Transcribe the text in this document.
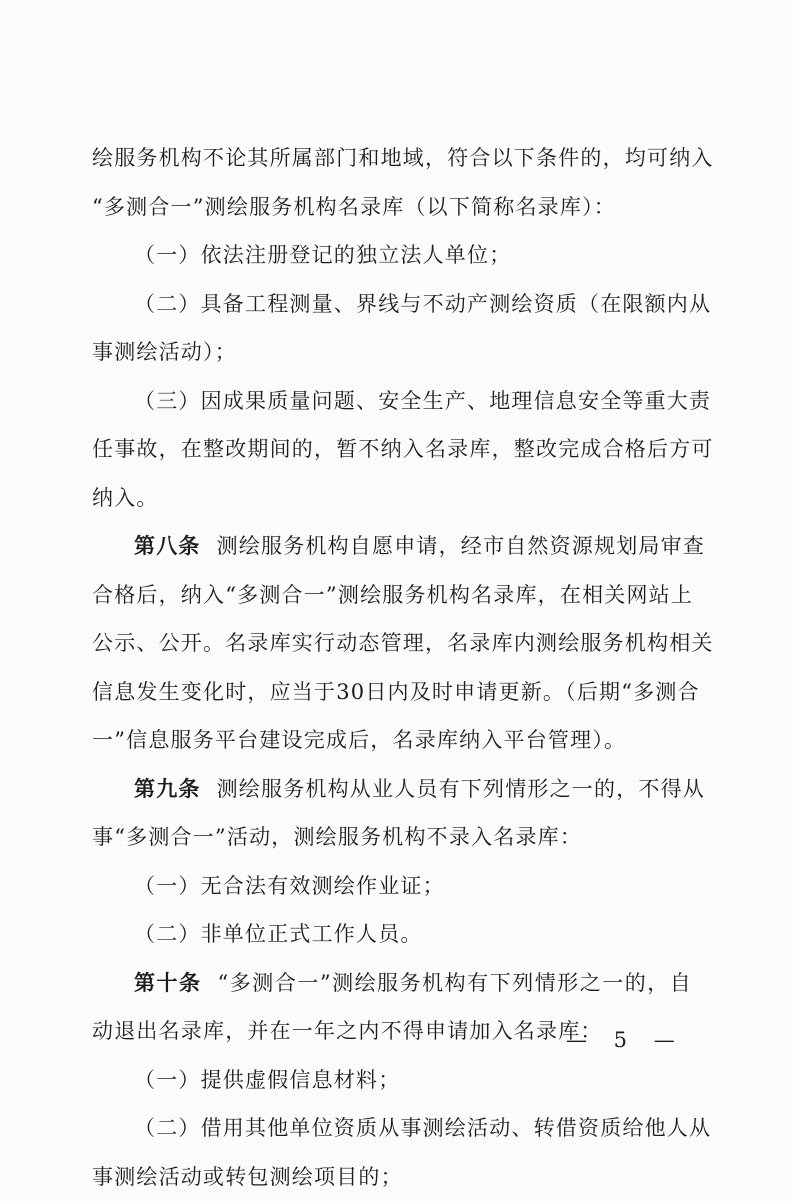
绘服务机构不论其所属部门和地域，符合以下条件的，均可纳入
“多测合一”测绘服务机构名录库（以下简称名录库）：
（一）依法注册登记的独立法人单位；
（二）具备工程测量、界线与不动产测绘资质（在限额内从
事测绘活动）；
（三）因成果质量问题、安全生产、地理信息安全等重大责
任事故，在整改期间的，暂不纳入名录库，整改完成合格后方可
纳入。
第八条 测绘服务机构自愿申请，经市自然资源规划局审查
合格后，纳入“多测合一”测绘服务机构名录库，在相关网站上
公示、公开。名录库实行动态管理，名录库内测绘服务机构相关
信息发生变化时，应当于30日内及时申请更新。（后期“多测合
一”信息服务平台建设完成后，名录库纳入平台管理）。
第九条 测绘服务机构从业人员有下列情形之一的，不得从
事“多测合一”活动，测绘服务机构不录入名录库：
（一）无合法有效测绘作业证；
（二）非单位正式工作人员。
第十条 “多测合一”测绘服务机构有下列情形之一的，自
动退出名录库，并在一年之内不得申请加入名录库：
（一）提供虚假信息材料；
（二）借用其他单位资质从事测绘活动、转借资质给他人从
事测绘活动或转包测绘项目的；
— 5 —
